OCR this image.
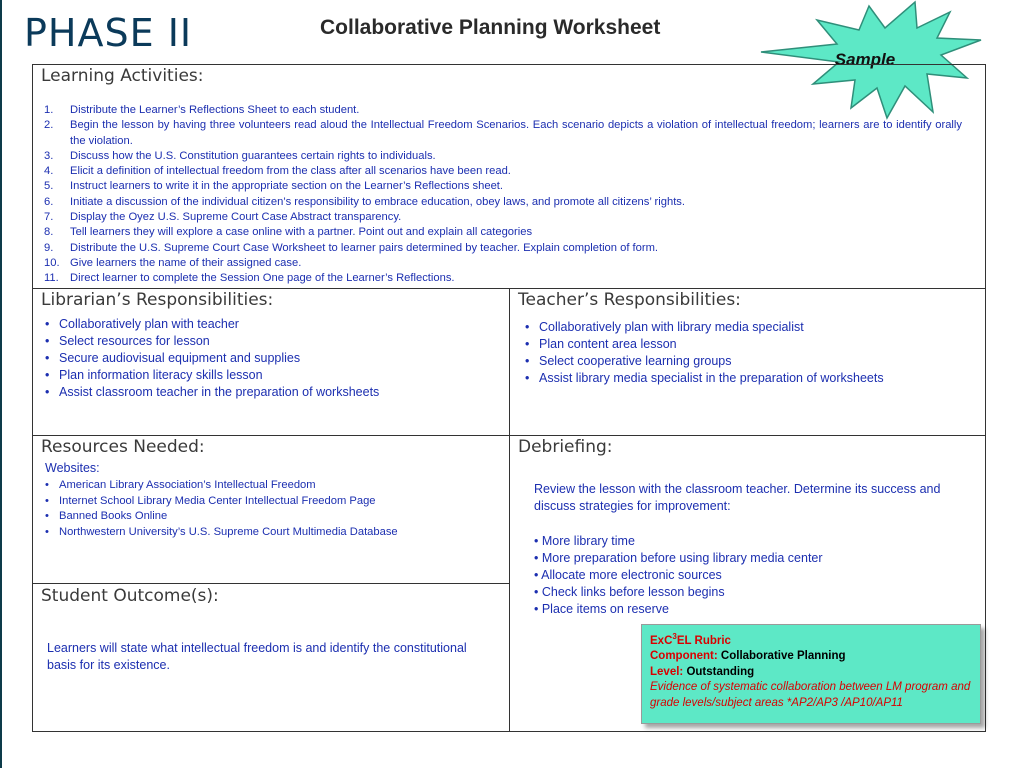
PHASE II	Collaborative Planning Worksheet
Sample
Learning Activities:
1. Distribute the Learner’s Reflections Sheet to each student.
2. Begin the lesson by having three volunteers read aloud the Intellectual Freedom Scenarios. Each scenario depicts a violation of intellectual freedom; learners are to identify orally the violation.
3. Discuss how the U.S. Constitution guarantees certain rights to individuals.
4. Elicit a definition of intellectual freedom from the class after all scenarios have been read.
5. Instruct learners to write it in the appropriate section on the Learner’s Reflections sheet.
6. Initiate a discussion of the individual citizen’s responsibility to embrace education, obey laws, and promote all citizens’ rights.
7. Display the Oyez U.S. Supreme Court Case Abstract transparency.
8. Tell learners they will explore a case online with a partner. Point out and explain all categories
9. Distribute the U.S. Supreme Court Case Worksheet to learner pairs determined by teacher. Explain completion of form.
10. Give learners the name of their assigned case.
11. Direct learner to complete the Session One page of the Learner’s Reflections.
Librarian’s Responsibilities:
• Collaboratively plan with teacher
• Select resources for lesson
• Secure audiovisual equipment and supplies
• Plan information literacy skills lesson
• Assist classroom teacher in the preparation of worksheets
Teacher’s Responsibilities:
• Collaboratively plan with library media specialist
• Plan content area lesson
• Select cooperative learning groups
• Assist library media specialist in the preparation of worksheets
Resources Needed:
Websites:
• American Library Association’s Intellectual Freedom
• Internet School Library Media Center Intellectual Freedom Page
• Banned Books Online
• Northwestern University’s U.S. Supreme Court Multimedia Database
Debriefing:
Review the lesson with the classroom teacher. Determine its success and discuss strategies for improvement:
• More library time
• More preparation before using library media center
• Allocate more electronic sources
• Check links before lesson begins
• Place items on reserve
Student Outcome(s):
Learners will state what intellectual freedom is and identify the constitutional basis for its existence.
ExC$^3$EL Rubric
Component: Collaborative Planning
Level: Outstanding
Evidence of systematic collaboration between LM program and grade levels/subject areas *AP2/AP3 /AP10/AP11
